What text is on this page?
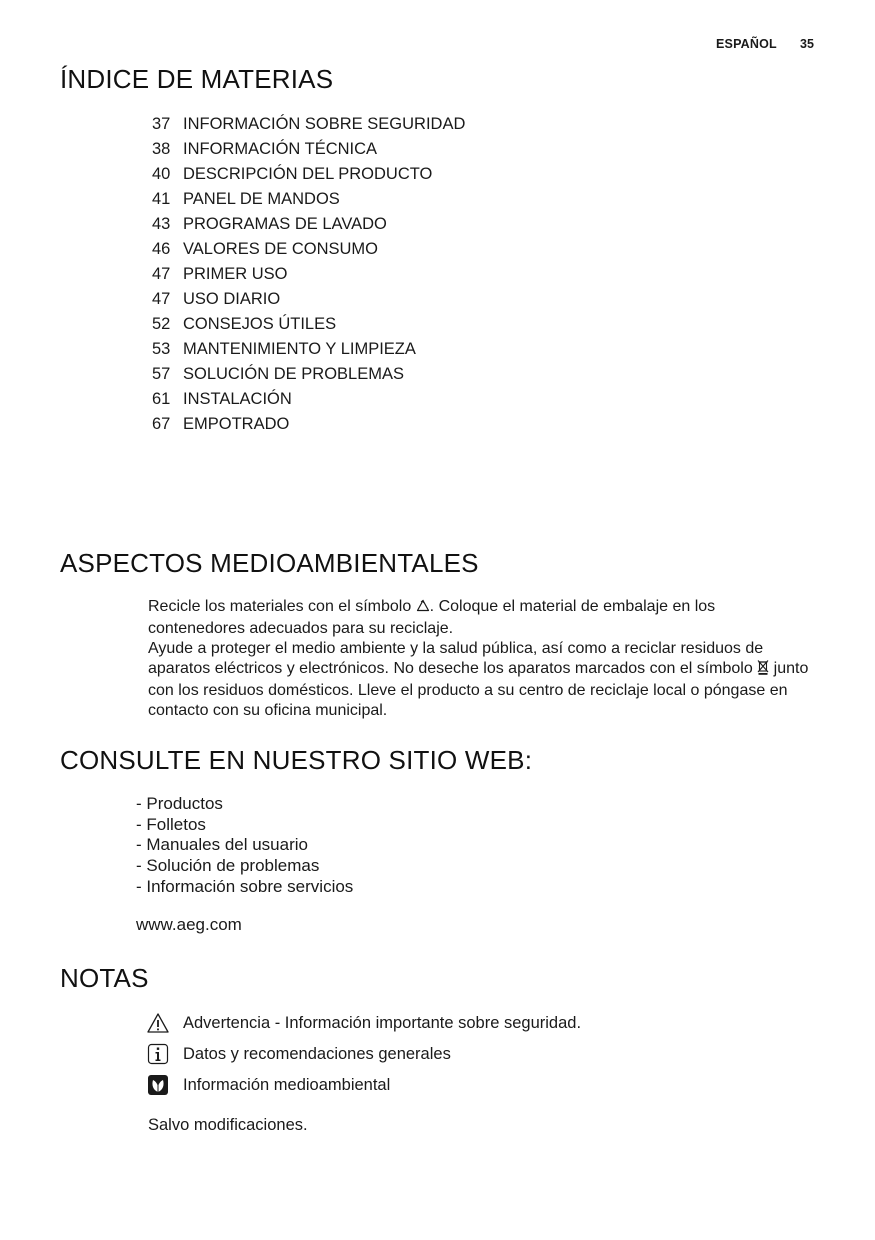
ESPAÑOL 35
ÍNDICE DE MATERIAS
37 INFORMACIÓN SOBRE SEGURIDAD
38 INFORMACIÓN TÉCNICA
40 DESCRIPCIÓN DEL PRODUCTO
41 PANEL DE MANDOS
43 PROGRAMAS DE LAVADO
46 VALORES DE CONSUMO
47 PRIMER USO
47 USO DIARIO
52 CONSEJOS ÚTILES
53 MANTENIMIENTO Y LIMPIEZA
57 SOLUCIÓN DE PROBLEMAS
61 INSTALACIÓN
67 EMPOTRADO
ASPECTOS MEDIOAMBIENTALES

Recicle los materiales con el símbolo . Coloque el material de embalaje en los contenedores adecuados para su reciclaje.

Ayude a proteger el medio ambiente y la salud pública, así como a reciclar residuos de aparatos eléctricos y electrónicos. No deseche los aparatos marcados con el símbolo junto con los residuos domésticos. Lleve el producto a su centro de reciclaje local o póngase en contacto con su oficina municipal.

CONSULTE EN NUESTRO SITIO WEB:
- Productos
- Folletos
- Manuales del usuario
- Solución de problemas
- Información sobre servicios
www.aeg.com
NOTAS
Advertencia - Información importante sobre seguridad.
Datos y recomendaciones generales
Información medioambiental
Salvo modificaciones.
